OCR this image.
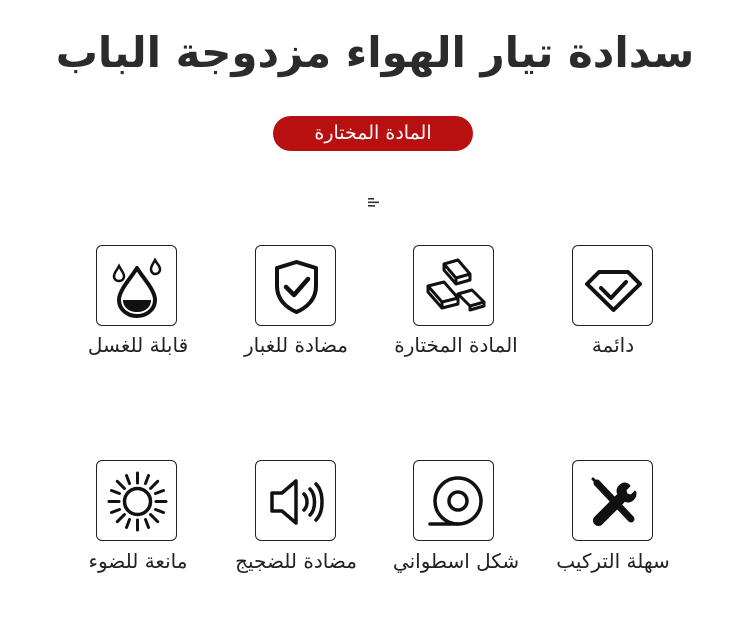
سدادة تيار الهواء مزدوجة الباب
المادة المختارة
دائمة
المادة المختارة
مضادة للغبار
قابلة للغسل
سهلة التركيب
شكل اسطواني
مضادة للضجيج
مانعة للضوء
